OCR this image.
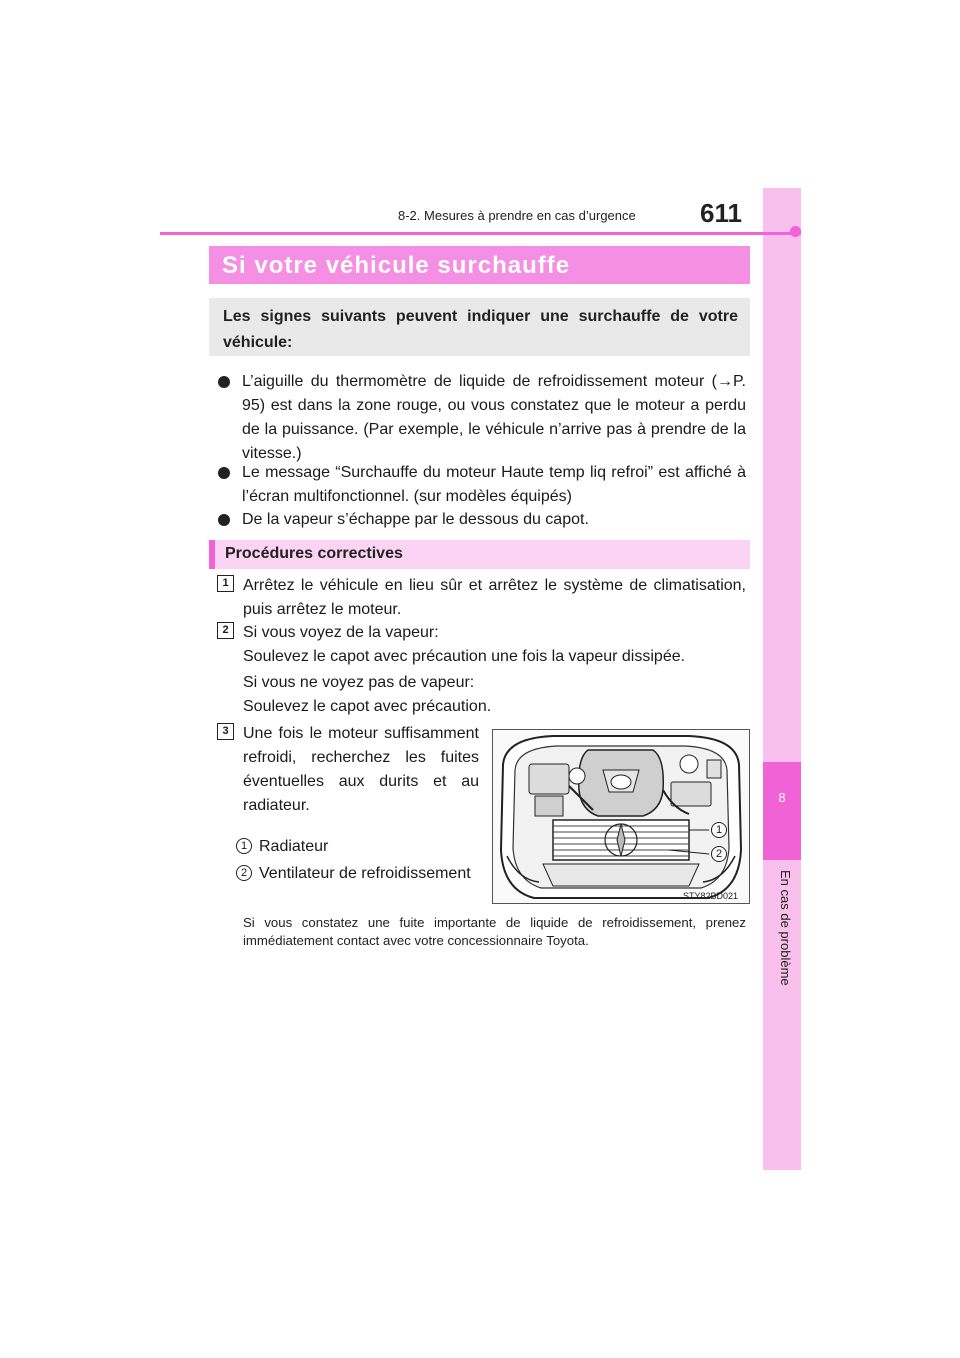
8
En cas de problème
8-2. Mesures à prendre en cas d’urgence	611
Si votre véhicule surchauffe
Les signes suivants peuvent indiquer une surchauffe de votre véhicule:
L’aiguille du thermomètre de liquide de refroidissement moteur (→P. 95) est dans la zone rouge, ou vous constatez que le moteur a perdu de la puissance. (Par exemple, le véhicule n’arrive pas à prendre de la vitesse.)
Le message “Surchauffe du moteur Haute temp liq refroi” est affiché à l’écran multifonctionnel. (sur modèles équipés)
De la vapeur s’échappe par le dessous du capot.
Procédures correctives
1 Arrêtez le véhicule en lieu sûr et arrêtez le système de climatisation, puis arrêtez le moteur.
2 Si vous voyez de la vapeur:
Soulevez le capot avec précaution une fois la vapeur dissipée.
Si vous ne voyez pas de vapeur:
Soulevez le capot avec précaution.
3 Une fois le moteur suffisamment refroidi, recherchez les fuites éventuelles aux durits et au radiateur.
1 Radiateur
2 Ventilateur de refroidissement
1
2
STY82BD021
Si vous constatez une fuite importante de liquide de refroidissement, prenez immédiatement contact avec votre concessionnaire Toyota.
